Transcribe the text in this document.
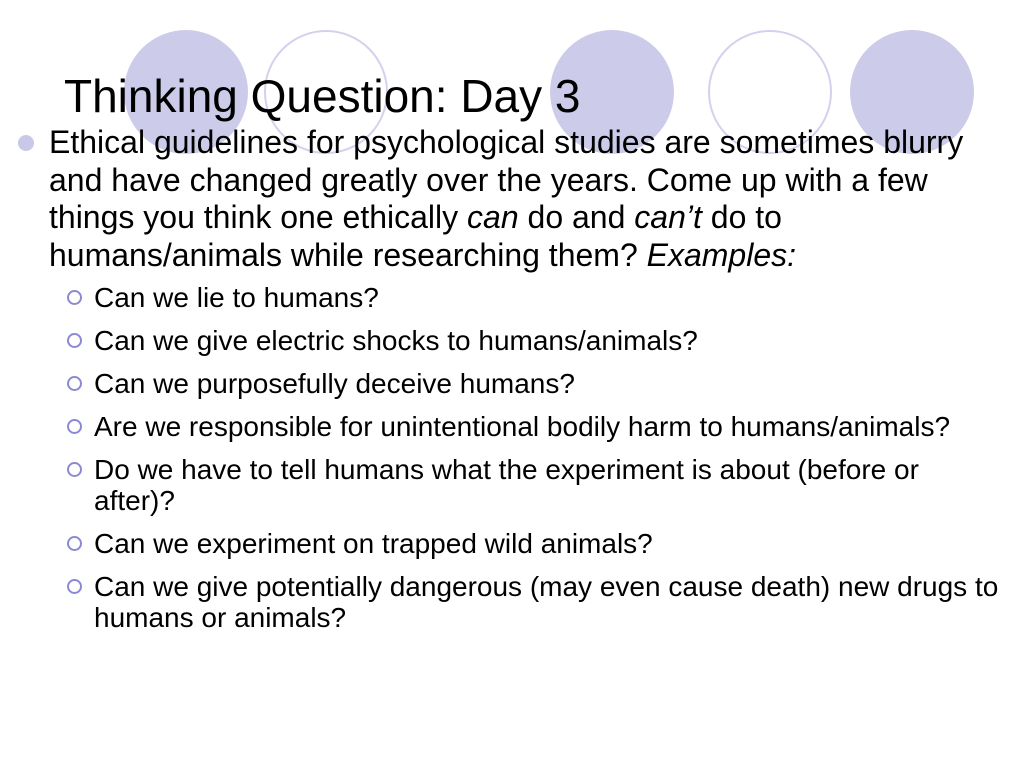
Thinking Question: Day 3
Ethical guidelines for psychological studies are sometimes blurry and have changed greatly over the years. Come up with a few things you think one ethically can do and can’t do to humans/animals while researching them? Examples:
Can we lie to humans?
Can we give electric shocks to humans/animals?
Can we purposefully deceive humans?
Are we responsible for unintentional bodily harm to humans/animals?
Do we have to tell humans what the experiment is about (before or after)?
Can we experiment on trapped wild animals?
Can we give potentially dangerous (may even cause death) new drugs to humans or animals?
